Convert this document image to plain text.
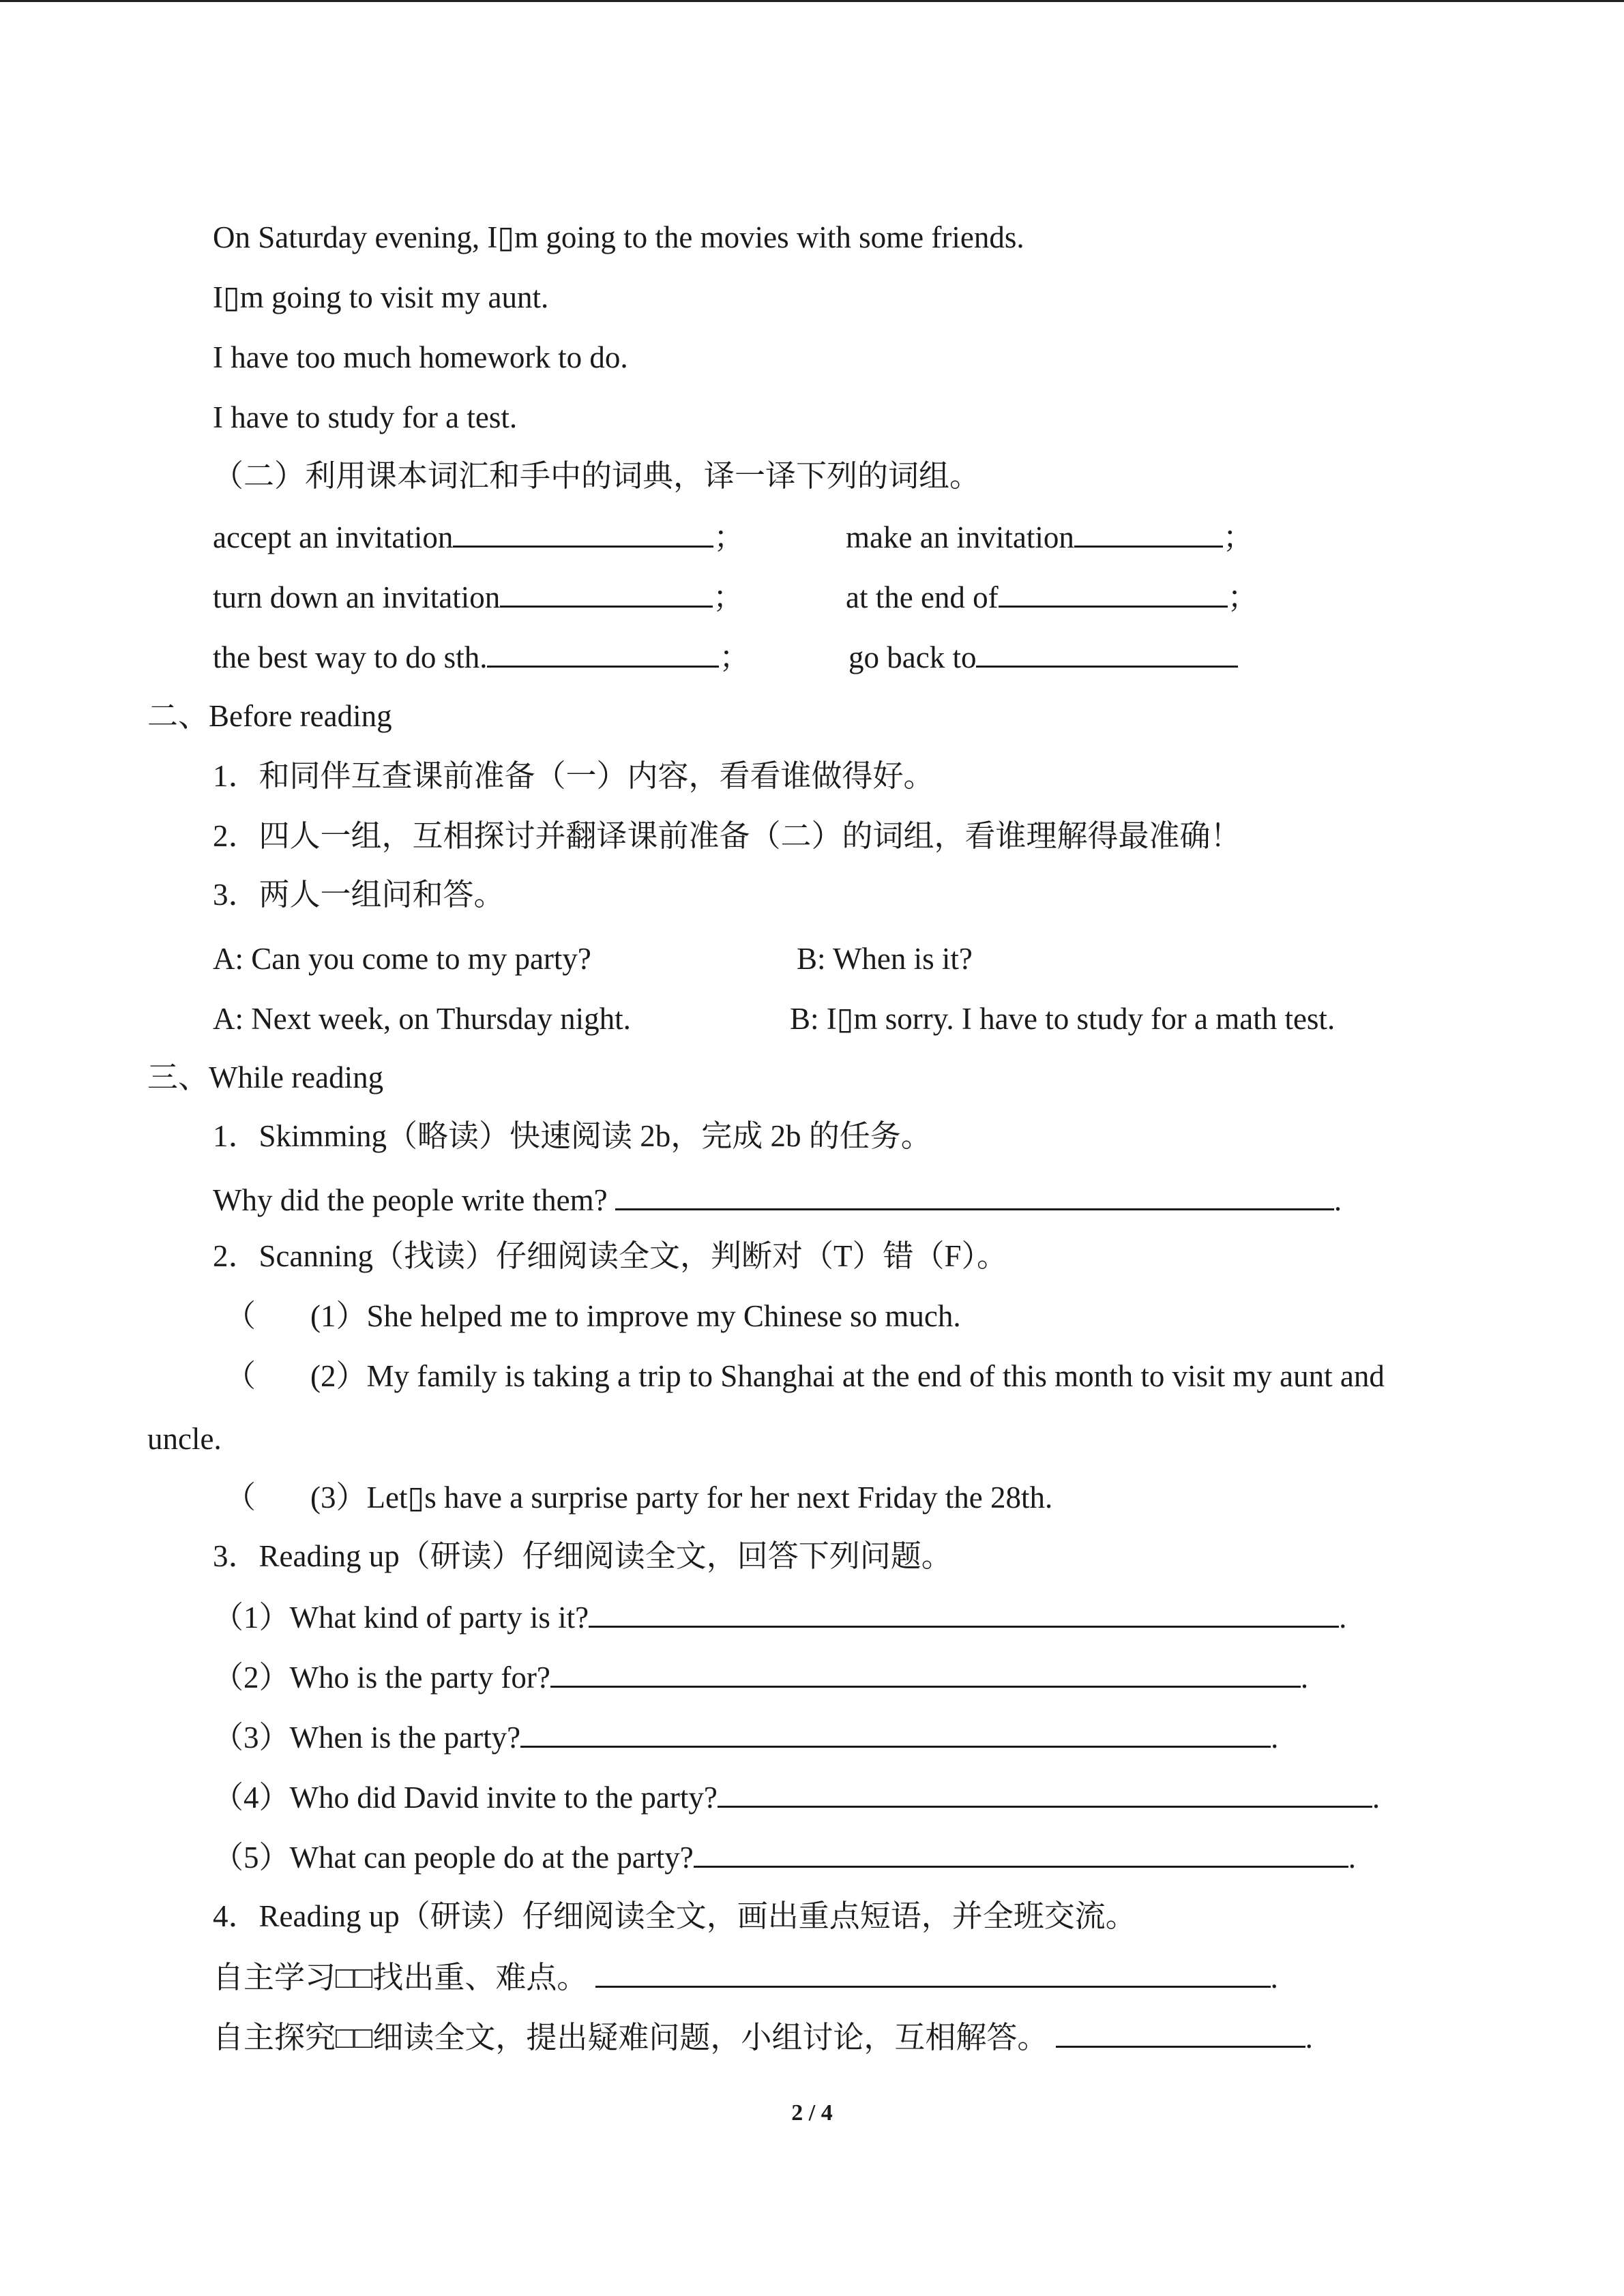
On Saturday evening, I▯m going to the movies with some friends.
I▯m going to visit my aunt.
I have too much homework to do.
I have to study for a test.
（二）利用课本词汇和手中的词典，译一译下列的词组。
accept an invitation	；	make an invitation	；
turn down an invitation	；	at the end of	；
the best way to do sth.	；	go back to
二、Before reading
1．和同伴互查课前准备（一）内容，看看谁做得好。
2．四人一组，互相探讨并翻译课前准备（二）的词组，看谁理解得最准确！
3．两人一组问和答。
A: Can you come to my party?	B: When is it?
A: Next week, on Thursday night.	B: I▯m sorry. I have to study for a math test.
三、While reading
1．Skimming（略读）快速阅读 2b，完成 2b 的任务。
Why did the people write them?	.
2．Scanning（找读）仔细阅读全文，判断对（T）错（F）。
（ (1）She helped me to improve my Chinese so much.
（ (2）My family is taking a trip to Shanghai at the end of this month to visit my aunt and
uncle.
（ (3）Let▯s have a surprise party for her next Friday the 28th.
3．Reading up（研读）仔细阅读全文，回答下列问题。
（1）What kind of party is it?	.
（2）Who is the party for?	.
（3）When is the party?	.
（4）Who did David invite to the party?	.
（5）What can people do at the party?	.
4．Reading up（研读）仔细阅读全文，画出重点短语，并全班交流。
自主学习□□找出重、难点。	.
自主探究□□细读全文，提出疑难问题，小组讨论，互相解答。	.
2 / 4
